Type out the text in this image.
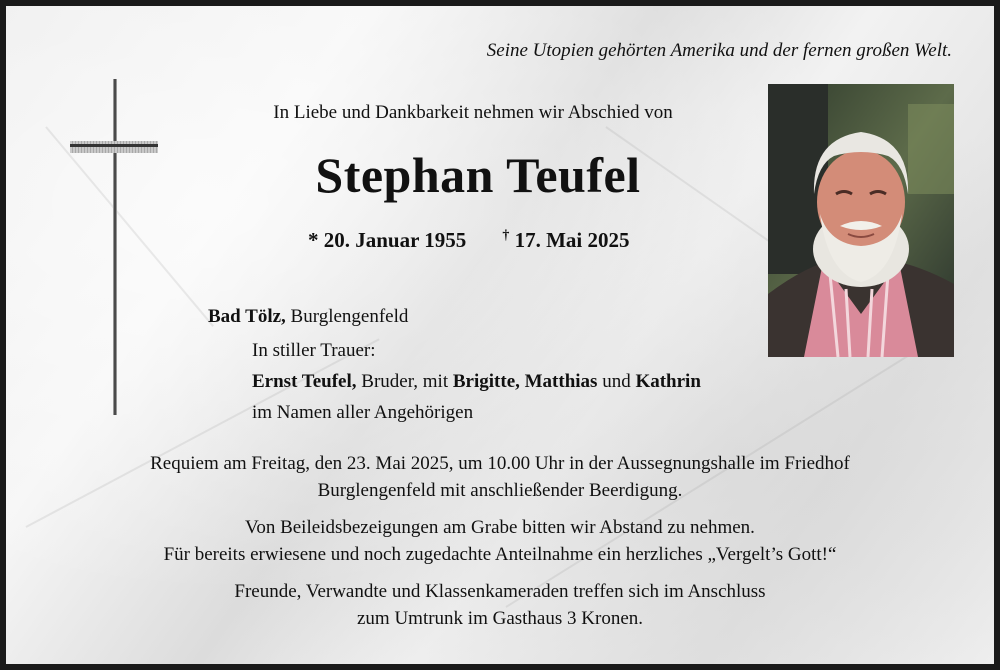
Seine Utopien gehörten Amerika und der fernen großen Welt.
In Liebe und Dankbarkeit nehmen wir Abschied von
Stephan Teufel
* 20. Januar 1955	† 17. Mai 2025
Bad Tölz, Burglengenfeld
In stiller Trauer:
Ernst Teufel, Bruder, mit Brigitte, Matthias und Kathrin
im Namen aller Angehörigen
Requiem am Freitag, den 23. Mai 2025, um 10.00 Uhr in der Aussegnungshalle im Friedhof
Burglengenfeld mit anschließender Beerdigung.
Von Beileidsbezeigungen am Grabe bitten wir Abstand zu nehmen.
Für bereits erwiesene und noch zugedachte Anteilnahme ein herzliches „Vergelt’s Gott!“
Freunde, Verwandte und Klassenkameraden treffen sich im Anschluss
zum Umtrunk im Gasthaus 3 Kronen.
